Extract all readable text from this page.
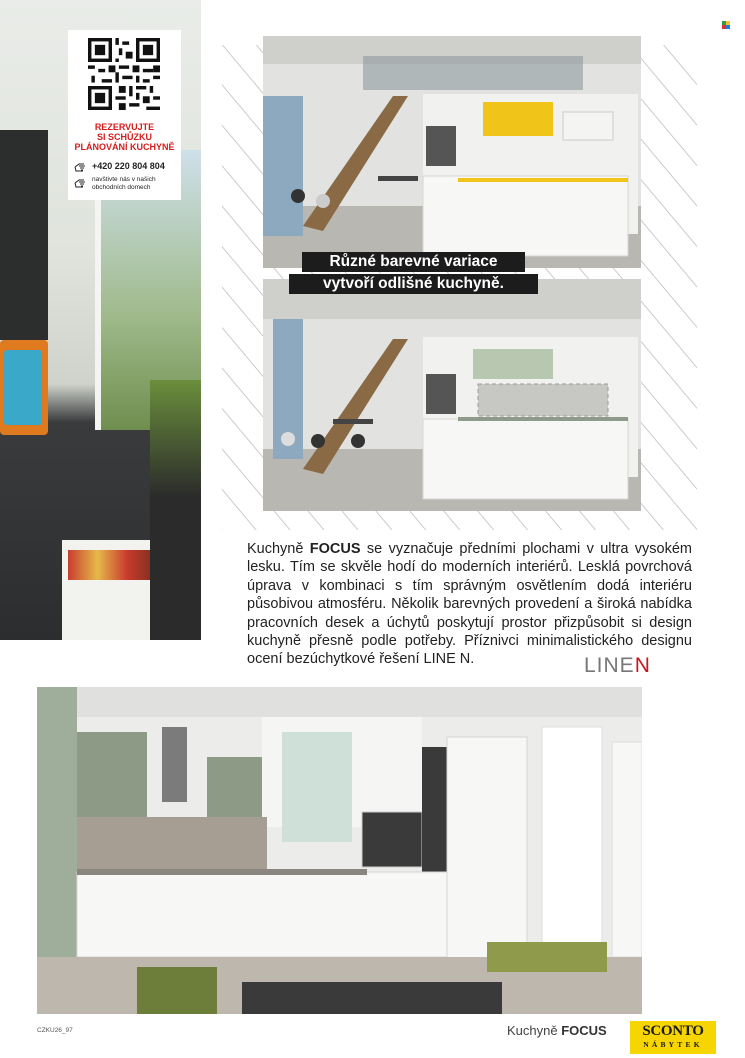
REZERVUJTE
SI SCHŮZKU
PLÁNOVÁNÍ KUCHYNĚ
+420 220 804 804
navštivte nás v našich obchodních domech
Různé barevné variace
vytvoří odlišné kuchyně.
Kuchyně FOCUS se vyznačuje předními plochami v ultra vysokém lesku. Tím se skvěle hodí do moderních interiérů. Lesklá povrchová úprava v kombinaci s tím správným osvětlením dodá interiéru působivou atmosféru. Několik barevných provedení a široká nabídka pracovních desek a úchytů poskytují prostor přizpůsobit si design kuchyně přesně podle potřeby. Příznivci minimalistického designu ocení bezúchytkové řešení LINE N.	LINEN
CZKU26_97	Kuchyně FOCUS	SCONTO
NÁBYTEK
